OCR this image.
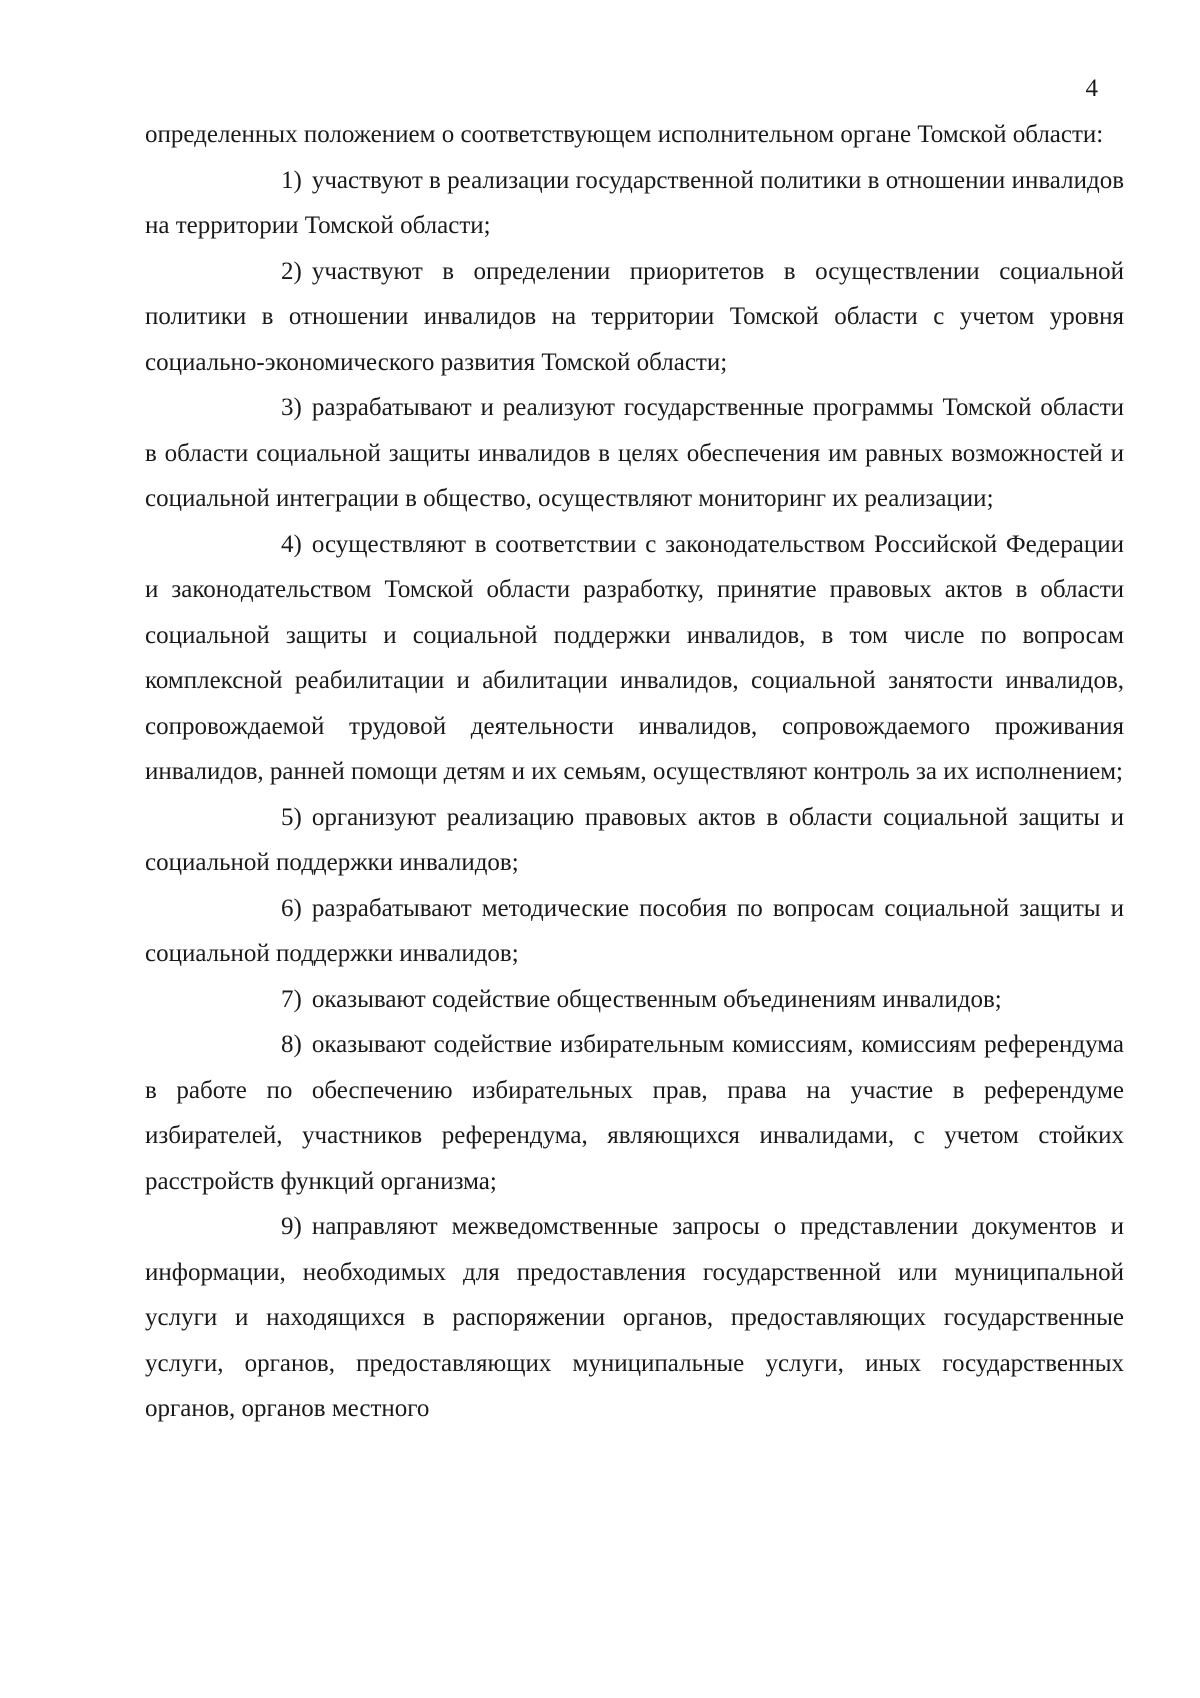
4

определенных положением о соответствующем исполнительном органе Томской области:

1) участвуют в реализации государственной политики в отношении инвалидов на территории Томской области;

2) участвуют в определении приоритетов в осуществлении социальной политики в отношении инвалидов на территории Томской области с учетом уровня социально-экономического развития Томской области;

3) разрабатывают и реализуют государственные программы Томской области в области социальной защиты инвалидов в целях обеспечения им равных возможностей и социальной интеграции в общество, осуществляют мониторинг их реализации;

4) осуществляют в соответствии с законодательством Российской Федерации и законодательством Томской области разработку, принятие правовых актов в области социальной защиты и социальной поддержки инвалидов, в том числе по вопросам комплексной реабилитации и абилитации инвалидов, социальной занятости инвалидов, сопровождаемой трудовой деятельности инвалидов, сопровождаемого проживания инвалидов, ранней помощи детям и их семьям, осуществляют контроль за их исполнением;

5) организуют реализацию правовых актов в области социальной защиты и социальной поддержки инвалидов;

6) разрабатывают методические пособия по вопросам социальной защиты и социальной поддержки инвалидов;

7) оказывают содействие общественным объединениям инвалидов;

8) оказывают содействие избирательным комиссиям, комиссиям референдума в работе по обеспечению избирательных прав, права на участие в референдуме избирателей, участников референдума, являющихся инвалидами, с учетом стойких расстройств функций организма;

9) направляют межведомственные запросы о представлении документов и информации, необходимых для предоставления государственной или муниципальной услуги и находящихся в распоряжении органов, предоставляющих государственные услуги, органов, предоставляющих муниципальные услуги, иных государственных органов, органов местного
